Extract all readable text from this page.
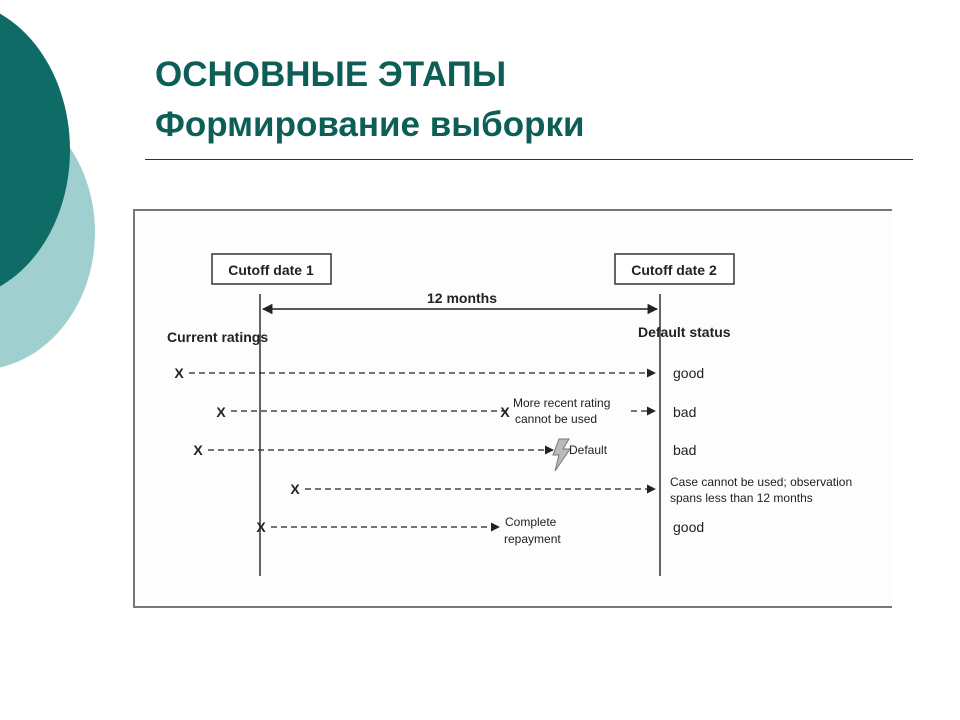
ОСНОВНЫЕ ЭТАПЫ
Формирование выборки
Cutoff date 1	Cutoff date 2
12 months
Current ratings	Default status
X	good
X	X
More recent rating
cannot be used	bad
X	Default	bad
X	Case cannot be used; observation
spans less than 12 months
X	Complete
repayment
good
